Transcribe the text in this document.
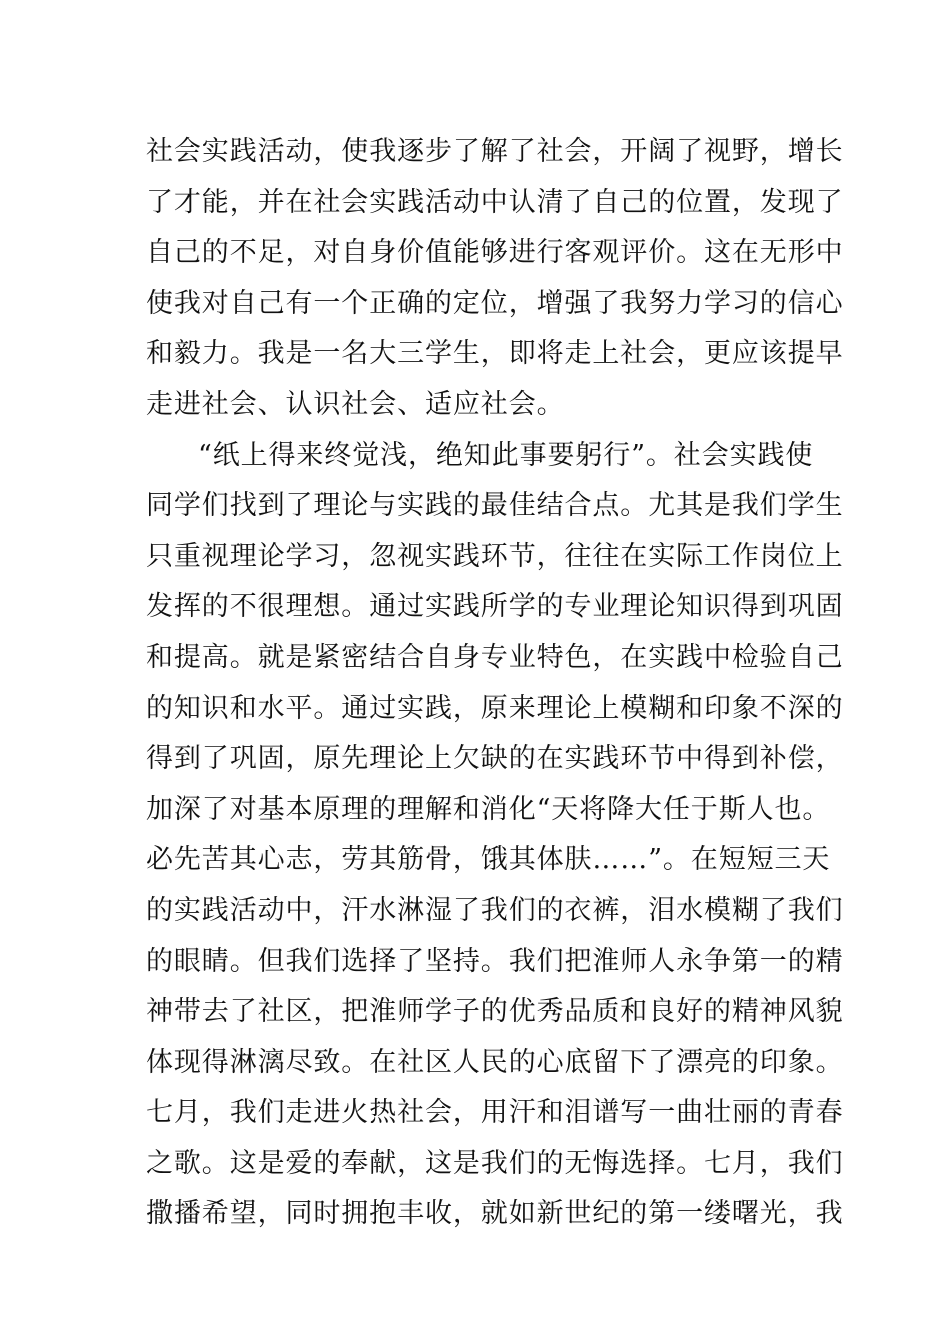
社会实践活动，使我逐步了解了社会，开阔了视野，增长
了才能，并在社会实践活动中认清了自己的位置，发现了
自己的不足，对自身价值能够进行客观评价。这在无形中
使我对自己有一个正确的定位，增强了我努力学习的信心
和毅力。我是一名大三学生，即将走上社会，更应该提早
走进社会、认识社会、适应社会。
“纸上得来终觉浅，绝知此事要躬行”。社会实践使
同学们找到了理论与实践的最佳结合点。尤其是我们学生
只重视理论学习，忽视实践环节，往往在实际工作岗位上
发挥的不很理想。通过实践所学的专业理论知识得到巩固
和提高。就是紧密结合自身专业特色，在实践中检验自己
的知识和水平。通过实践，原来理论上模糊和印象不深的
得到了巩固，原先理论上欠缺的在实践环节中得到补偿，
加深了对基本原理的理解和消化“天将降大任于斯人也。
必先苦其心志，劳其筋骨，饿其体肤……”。在短短三天
的实践活动中，汗水淋湿了我们的衣裤，泪水模糊了我们
的眼睛。但我们选择了坚持。我们把淮师人永争第一的精
神带去了社区，把淮师学子的优秀品质和良好的精神风貌
体现得淋漓尽致。在社区人民的心底留下了漂亮的印象。
七月，我们走进火热社会，用汗和泪谱写一曲壮丽的青春
之歌。这是爱的奉献，这是我们的无悔选择。七月，我们
撒播希望，同时拥抱丰收，就如新世纪的第一缕曙光，我
